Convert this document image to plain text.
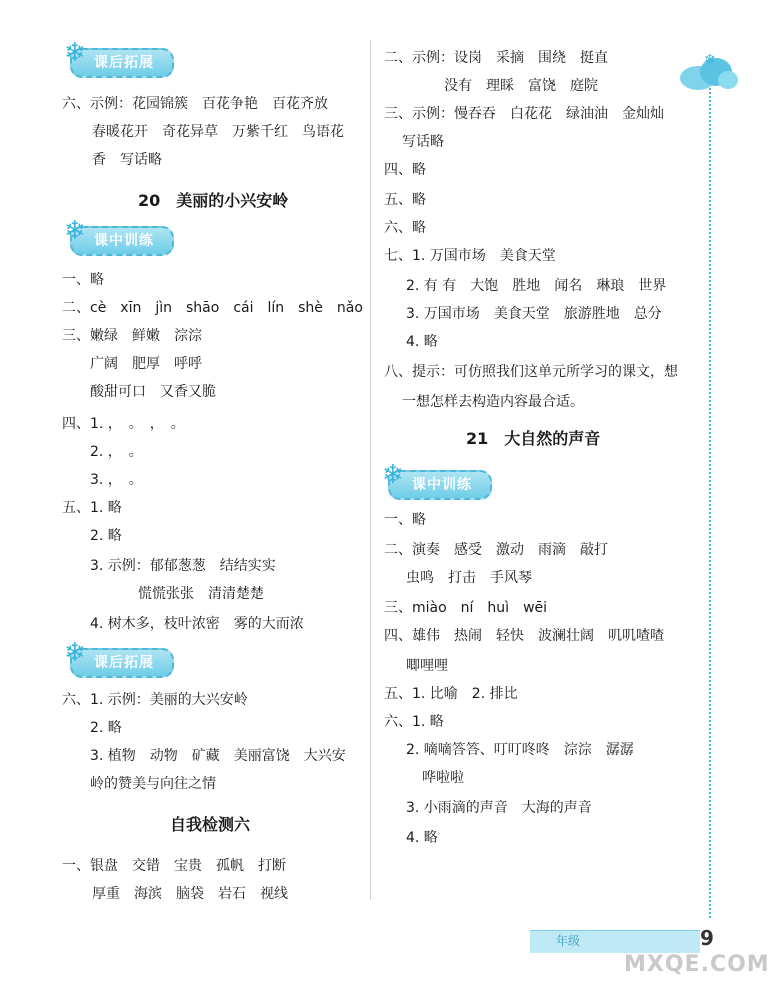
❄ 课后拓展
六、示例：花园锦簇　百花争艳　百花齐放
春暖花开　奇花异草　万紫千红　鸟语花
香　写话略
20　美丽的小兴安岭
❄ 课中训练
一、略
二、cè　xīn　jìn　shāo　cái　lín　shè　nǎo
三、嫩绿　鲜嫩　淙淙
广阔　肥厚　呼呼
酸甜可口　又香又脆
四、1. ，　。　，　。
2. ，　。
3. ，　。
五、1. 略
2. 略
3. 示例：郁郁葱葱　结结实实
慌慌张张　清清楚楚
4. 树木多，枝叶浓密　雾的大而浓
❄ 课后拓展
六、1. 示例：美丽的大兴安岭
2. 略
3. 植物　动物　矿藏　美丽富饶　大兴安
岭的赞美与向往之情
自我检测六
一、银盘　交错　宝贵　孤帆　打断
厚重　海滨　脑袋　岩石　视线
二、示例：设岗　采摘　围绕　挺直
没有　理睬　富饶　庭院
三、示例：慢吞吞　白花花　绿油油　金灿灿
写话略
四、略
五、略
六、略
七、1. 万国市场　美食天堂
2. 有 有　大饱　胜地　闻名　琳琅　世界
3. 万国市场　美食天堂　旅游胜地　总分
4. 略
八、提示：可仿照我们这单元所学习的课文，想
一想怎样去构造内容最合适。
21　大自然的声音
❄ 课中训练
一、略
二、演奏　感受　激动　雨滴　敲打
虫鸣　打击　手风琴
三、miào　ní　huì　wēi
四、雄伟　热闹　轻快　波澜壮阔　叽叽喳喳
唧哩哩
五、1. 比喻　2. 排比
六、1. 略
2. 嘀嘀答答、叮叮咚咚　淙淙　潺潺
哗啦啦
3. 小雨滴的声音　大海的声音
4. 略
❄
年级	9
MXQE.COM
